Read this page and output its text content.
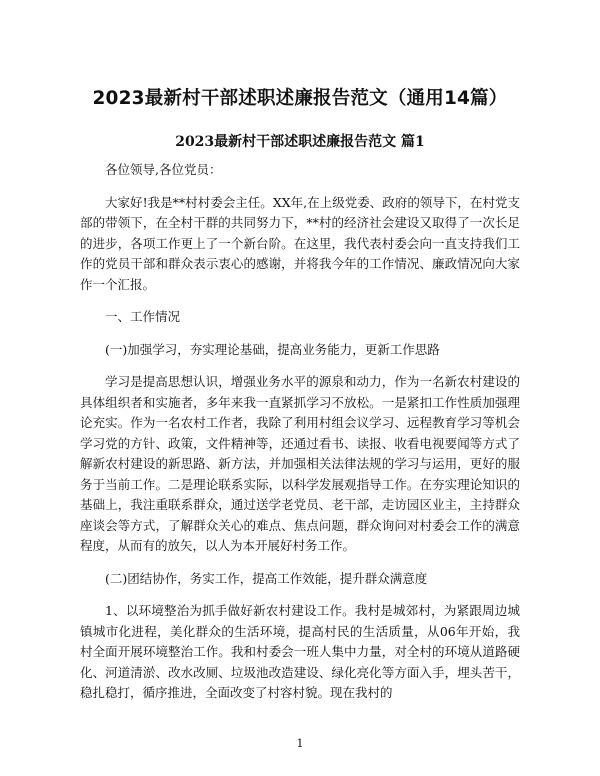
2023最新村干部述职述廉报告范文（通用14篇）
2023最新村干部述职述廉报告范文 篇1

各位领导,各位党员：

大家好!我是**村村委会主任。XX年,在上级党委、政府的领导下，在村党支部的带领下，在全村干群的共同努力下，**村的经济社会建设又取得了一次长足的进步，各项工作更上了一个新台阶。在这里，我代表村委会向一直支持我们工作的党员干部和群众表示衷心的感谢，并将我今年的工作情况、廉政情况向大家作一个汇报。

一、工作情况

(一)加强学习，夯实理论基础，提高业务能力，更新工作思路

学习是提高思想认识，增强业务水平的源泉和动力，作为一名新农村建设的具体组织者和实施者，多年来我一直紧抓学习不放松。一是紧扣工作性质加强理论充实。作为一名农村工作者，我除了利用村组会议学习、远程教育学习等机会学习党的方针、政策，文件精神等，还通过看书、读报、收看电视要闻等方式了解新农村建设的新思路、新方法，并加强相关法律法规的学习与运用，更好的服务于当前工作。二是理论联系实际，以科学发展观指导工作。在夯实理论知识的基础上，我注重联系群众，通过送学老党员、老干部，走访园区业主，主持群众座谈会等方式，了解群众关心的难点、焦点问题，群众询问对村委会工作的满意程度，从而有的放矢，以人为本开展好村务工作。

(二)团结协作，务实工作，提高工作效能，提升群众满意度

1、以环境整治为抓手做好新农村建设工作。我村是城郊村，为紧跟周边城镇城市化进程，美化群众的生活环境，提高村民的生活质量，从06年开始，我村全面开展环境整治工作。我和村委会一班人集中力量，对全村的环境从道路硬化、河道清淤、改水改厕、垃圾池改造建设、绿化亮化等方面入手，埋头苦干，稳扎稳打，循序推进，全面改变了村容村貌。现在我村的

1
